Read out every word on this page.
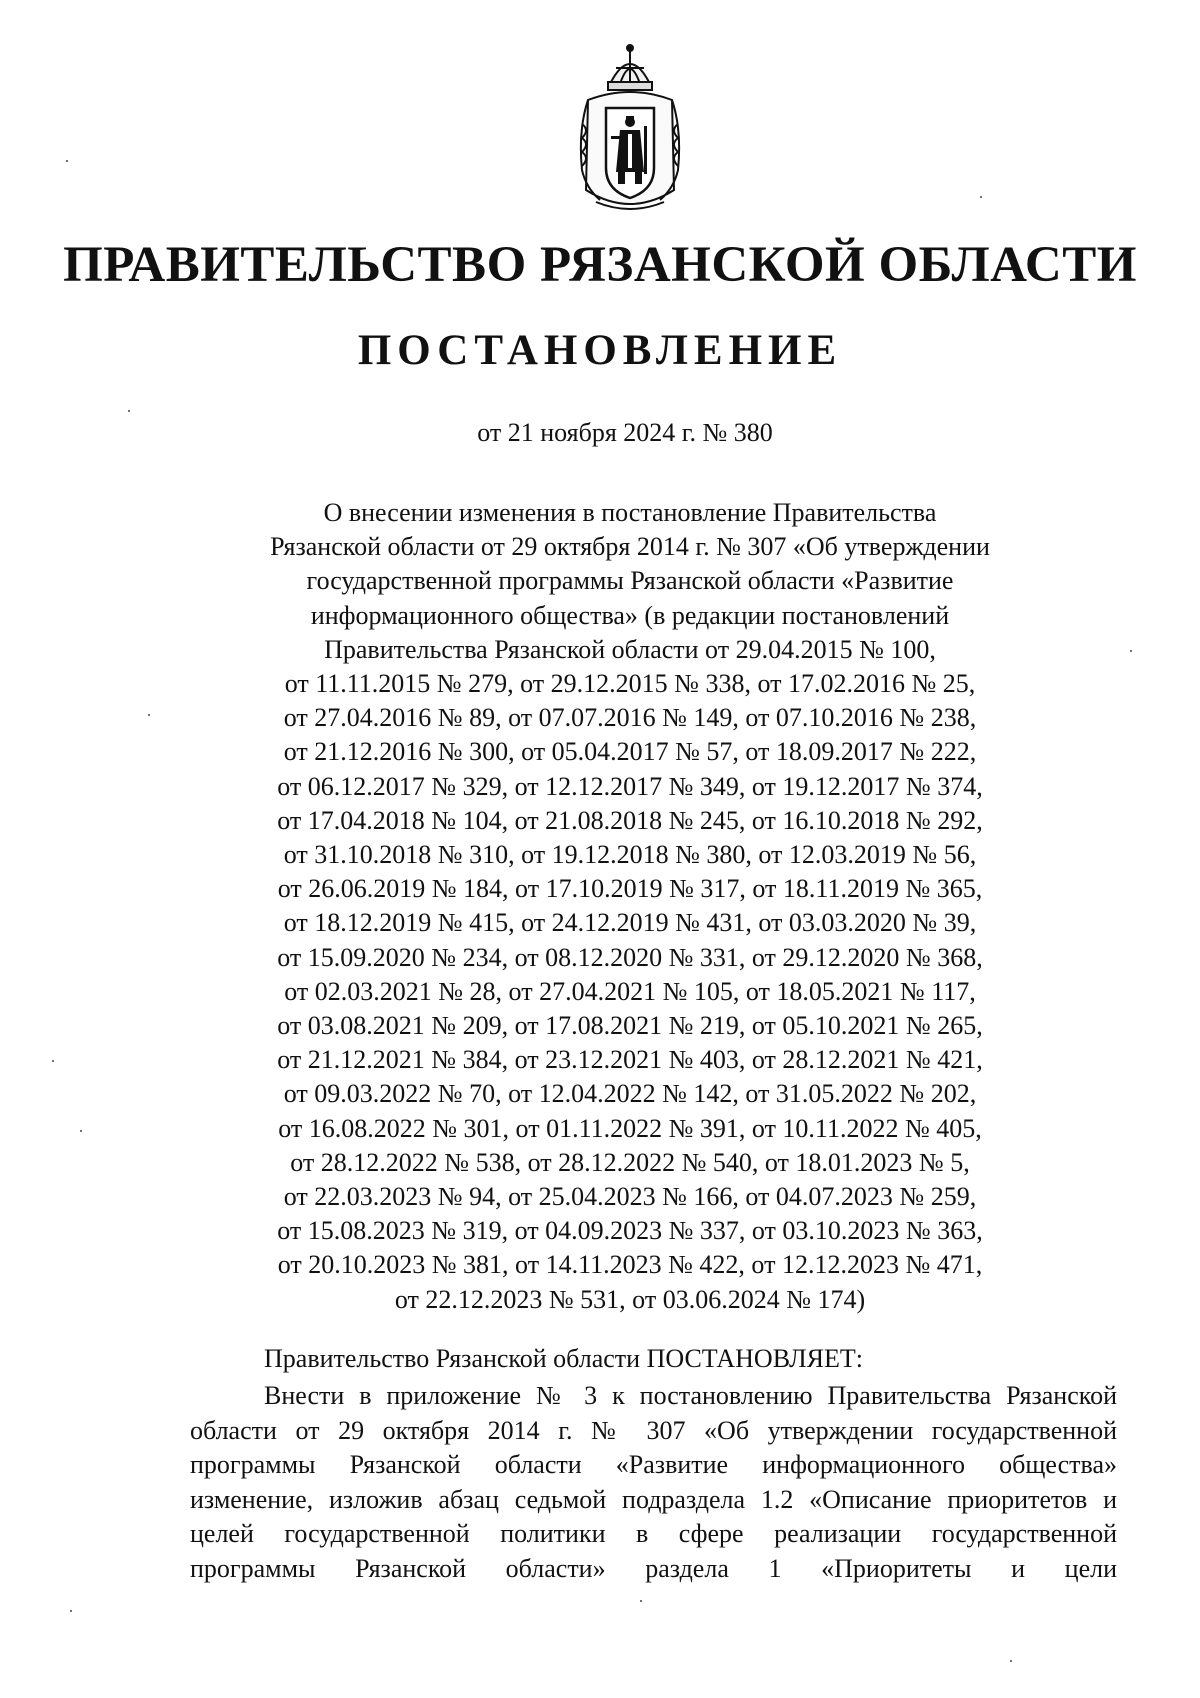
ПРАВИТЕЛЬСТВО РЯЗАНСКОЙ ОБЛАСТИ
ПОСТАНОВЛЕНИЕ
от 21 ноября 2024 г. № 380
О внесении изменения в постановление Правительства
Рязанской области от 29 октября 2014 г. № 307 «Об утверждении
государственной программы Рязанской области «Развитие
информационного общества» (в редакции постановлений
Правительства Рязанской области от 29.04.2015 № 100,
от 11.11.2015 № 279, от 29.12.2015 № 338, от 17.02.2016 № 25,
от 27.04.2016 № 89, от 07.07.2016 № 149, от 07.10.2016 № 238,
от 21.12.2016 № 300, от 05.04.2017 № 57, от 18.09.2017 № 222,
от 06.12.2017 № 329, от 12.12.2017 № 349, от 19.12.2017 № 374,
от 17.04.2018 № 104, от 21.08.2018 № 245, от 16.10.2018 № 292,
от 31.10.2018 № 310, от 19.12.2018 № 380, от 12.03.2019 № 56,
от 26.06.2019 № 184, от 17.10.2019 № 317, от 18.11.2019 № 365,
от 18.12.2019 № 415, от 24.12.2019 № 431, от 03.03.2020 № 39,
от 15.09.2020 № 234, от 08.12.2020 № 331, от 29.12.2020 № 368,
от 02.03.2021 № 28, от 27.04.2021 № 105, от 18.05.2021 № 117,
от 03.08.2021 № 209, от 17.08.2021 № 219, от 05.10.2021 № 265,
от 21.12.2021 № 384, от 23.12.2021 № 403, от 28.12.2021 № 421,
от 09.03.2022 № 70, от 12.04.2022 № 142, от 31.05.2022 № 202,
от 16.08.2022 № 301, от 01.11.2022 № 391, от 10.11.2022 № 405,
от 28.12.2022 № 538, от 28.12.2022 № 540, от 18.01.2023 № 5,
от 22.03.2023 № 94, от 25.04.2023 № 166, от 04.07.2023 № 259,
от 15.08.2023 № 319, от 04.09.2023 № 337, от 03.10.2023 № 363,
от 20.10.2023 № 381, от 14.11.2023 № 422, от 12.12.2023 № 471,
от 22.12.2023 № 531, от 03.06.2024 № 174)
Правительство Рязанской области ПОСТАНОВЛЯЕТ:
Внести в приложение № 3 к постановлению Правительства Рязанской
области от 29 октября 2014 г. № 307 «Об утверждении государственной
программы Рязанской области «Развитие информационного общества»
изменение, изложив абзац седьмой подраздела 1.2 «Описание приоритетов и
целей государственной политики в сфере реализации государственной
программы Рязанской области» раздела 1 «Приоритеты и цели
